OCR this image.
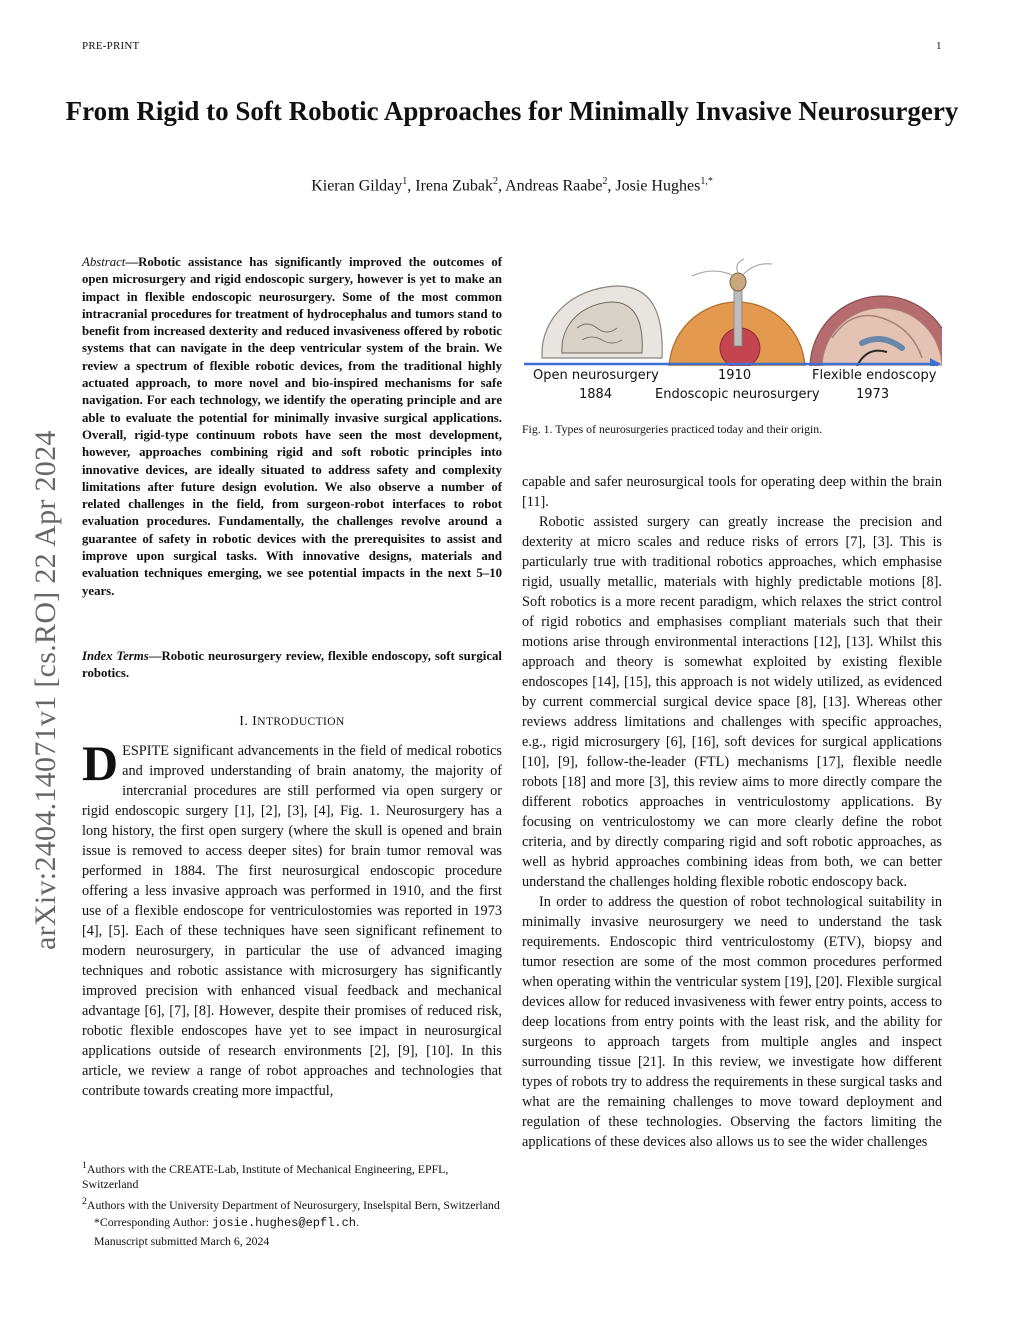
PRE-PRINT	1
From Rigid to Soft Robotic Approaches for Minimally Invasive Neurosurgery
Kieran Gilday$^1$, Irena Zubak$^2$, Andreas Raabe$^2$, Josie Hughes$^{1,*}$
arXiv:2404.14071v1 [cs.RO] 22 Apr 2024
Abstract—Robotic assistance has significantly improved the outcomes of open microsurgery and rigid endoscopic surgery, however is yet to make an impact in flexible endoscopic neurosurgery. Some of the most common intracranial procedures for treatment of hydrocephalus and tumors stand to benefit from increased dexterity and reduced invasiveness offered by robotic systems that can navigate in the deep ventricular system of the brain. We review a spectrum of flexible robotic devices, from the traditional highly actuated approach, to more novel and bio-inspired mechanisms for safe navigation. For each technology, we identify the operating principle and are able to evaluate the potential for minimally invasive surgical applications. Overall, rigid-type continuum robots have seen the most development, however, approaches combining rigid and soft robotic principles into innovative devices, are ideally situated to address safety and complexity limitations after future design evolution. We also observe a number of related challenges in the field, from surgeon-robot interfaces to robot evaluation procedures. Fundamentally, the challenges revolve around a guarantee of safety in robotic devices with the prerequisites to assist and improve upon surgical tasks. With innovative designs, materials and evaluation techniques emerging, we see potential impacts in the next 5–10 years.
Index Terms—Robotic neurosurgery review, flexible endoscopy, soft surgical robotics.
I. INTRODUCTION
DESPITE significant advancements in the field of medical robotics and improved understanding of brain anatomy, the majority of intercranial procedures are still performed via open surgery or rigid endoscopic surgery [1], [2], [3], [4], Fig. 1. Neurosurgery has a long history, the first open surgery (where the skull is opened and brain issue is removed to access deeper sites) for brain tumor removal was performed in 1884. The first neurosurgical endoscopic procedure offering a less invasive approach was performed in 1910, and the first use of a flexible endoscope for ventriculostomies was reported in 1973 [4], [5]. Each of these techniques have seen significant refinement to modern neurosurgery, in particular the use of advanced imaging techniques and robotic assistance with microsurgery has significantly improved precision with enhanced visual feedback and mechanical advantage [6], [7], [8]. However, despite their promises of reduced risk, robotic flexible endoscopes have yet to see impact in neurosurgical applications outside of research environments [2], [9], [10]. In this article, we review a range of robot approaches and technologies that contribute towards creating more impactful,

$^1$Authors with the CREATE-Lab, Institute of Mechanical Engineering, EPFL, Switzerland

$^2$Authors with the University Department of Neurosurgery, Inselspital Bern, Switzerland

*Corresponding Author: josie.hughes@epfl.ch.

Manuscript submitted March 6, 2024

Open neurosurgery	1910	Flexible endoscopy
1884	Endoscopic neurosurgery	1973
Fig. 1. Types of neurosurgeries practiced today and their origin.

capable and safer neurosurgical tools for operating deep within the brain [11].

Robotic assisted surgery can greatly increase the precision and dexterity at micro scales and reduce risks of errors [7], [3]. This is particularly true with traditional robotics approaches, which emphasise rigid, usually metallic, materials with highly predictable motions [8]. Soft robotics is a more recent paradigm, which relaxes the strict control of rigid robotics and emphasises compliant materials such that their motions arise through environmental interactions [12], [13]. Whilst this approach and theory is somewhat exploited by existing flexible endoscopes [14], [15], this approach is not widely utilized, as evidenced by current commercial surgical device space [8], [13]. Whereas other reviews address limitations and challenges with specific approaches, e.g., rigid microsurgery [6], [16], soft devices for surgical applications [10], [9], follow-the-leader (FTL) mechanisms [17], flexible needle robots [18] and more [3], this review aims to more directly compare the different robotics approaches in ventriculostomy applications. By focusing on ventriculostomy we can more clearly define the robot criteria, and by directly comparing rigid and soft robotic approaches, as well as hybrid approaches combining ideas from both, we can better understand the challenges holding flexible robotic endoscopy back.

In order to address the question of robot technological suitability in minimally invasive neurosurgery we need to understand the task requirements. Endoscopic third ventriculostomy (ETV), biopsy and tumor resection are some of the most common procedures performed when operating within the ventricular system [19], [20]. Flexible surgical devices allow for reduced invasiveness with fewer entry points, access to deep locations from entry points with the least risk, and the ability for surgeons to approach targets from multiple angles and inspect surrounding tissue [21]. In this review, we investigate how different types of robots try to address the requirements in these surgical tasks and what are the remaining challenges to move toward deployment and regulation of these technologies. Observing the factors limiting the applications of these devices also allows us to see the wider challenges
